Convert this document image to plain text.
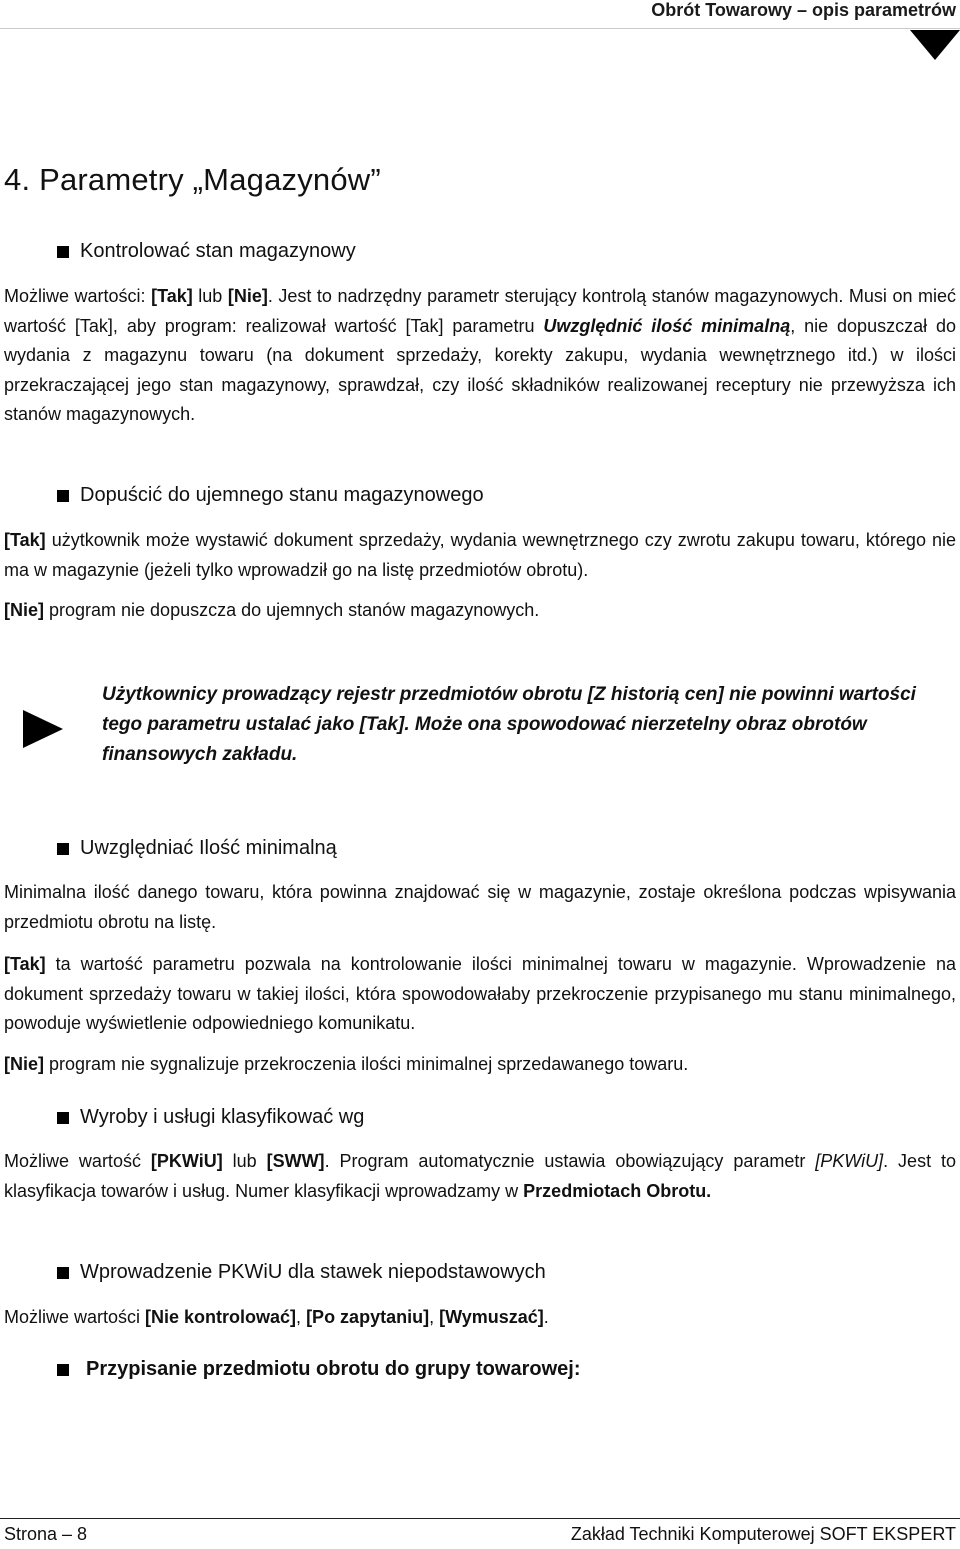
Obrót Towarowy – opis parametrów
4. Parametry „Magazynów”
Kontrolować stan magazynowy
Możliwe wartości: [Tak] lub [Nie]. Jest to nadrzędny parametr sterujący kontrolą stanów magazynowych. Musi on mieć wartość [Tak], aby program: realizował wartość [Tak] parametru Uwzględnić ilość minimalną, nie dopuszczał do wydania z magazynu towaru (na dokument sprzedaży, korekty zakupu, wydania wewnętrznego itd.) w ilości przekraczającej jego stan magazynowy, sprawdzał, czy ilość składników realizowanej receptury nie przewyższa ich stanów magazynowych.
Dopuścić do ujemnego stanu magazynowego
[Tak] użytkownik może wystawić dokument sprzedaży, wydania wewnętrznego czy zwrotu zakupu towaru, którego nie ma w magazynie (jeżeli tylko wprowadził go na listę przedmiotów obrotu).
[Nie] program nie dopuszcza do ujemnych stanów magazynowych.
Użytkownicy prowadzący rejestr przedmiotów obrotu [Z historią cen] nie powinni wartości tego parametru ustalać jako [Tak]. Może ona spowodować nierzetelny obraz obrotów finansowych zakładu.
Uwzględniać Ilość minimalną
Minimalna ilość danego towaru, która powinna znajdować się w magazynie, zostaje określona podczas wpisywania przedmiotu obrotu na listę.
[Tak] ta wartość parametru pozwala na kontrolowanie ilości minimalnej towaru w magazynie. Wprowadzenie na dokument sprzedaży towaru w takiej ilości, która spowodowałaby przekroczenie przypisanego mu stanu minimalnego, powoduje wyświetlenie odpowiedniego komunikatu.
[Nie] program nie sygnalizuje przekroczenia ilości minimalnej sprzedawanego towaru.
Wyroby i usługi klasyfikować wg
Możliwe wartość [PKWiU] lub [SWW]. Program automatycznie ustawia obowiązujący parametr [PKWiU]. Jest to klasyfikacja towarów i usług. Numer klasyfikacji wprowadzamy w Przedmiotach Obrotu.
Wprowadzenie PKWiU dla stawek niepodstawowych
Możliwe wartości [Nie kontrolować], [Po zapytaniu], [Wymuszać].
Przypisanie przedmiotu obrotu do grupy towarowej:
Strona – 8	Zakład Techniki Komputerowej SOFT EKSPERT
